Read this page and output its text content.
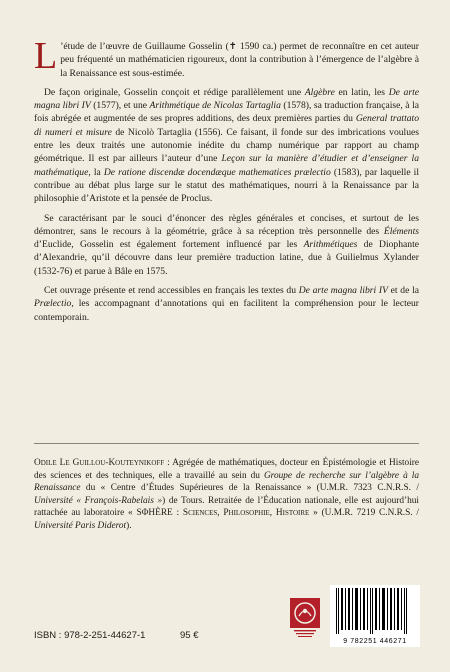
L ’étude de l’œuvre de Guillaume Gosselin (✝ 1590 ca.) permet de reconnaître en cet auteur peu fréquenté un mathématicien rigoureux, dont la contribution à l’émergence de l’algèbre à la Renaissance est sous-estimée.

De façon originale, Gosselin conçoit et rédige parallèlement une Algèbre en latin, les De arte magna libri IV (1577), et une Arithmétique de Nicolas Tartaglia (1578), sa traduction française, à la fois abrégée et augmentée de ses propres additions, des deux premières parties du General trattato di numeri et misure de Nicolò Tartaglia (1556). Ce faisant, il fonde sur des imbrications voulues entre les deux traités une autonomie inédite du champ numérique par rapport au champ géométrique. Il est par ailleurs l’auteur d’une Leçon sur la manière d’étudier et d’enseigner la mathématique, la De ratione discendæ docendæque mathematices prælectio (1583), par laquelle il contribue au débat plus large sur le statut des mathématiques, nourri à la Renaissance par la philosophie d’Aristote et la pensée de Proclus.

Se caractérisant par le souci d’énoncer des règles générales et concises, et surtout de les démontrer, sans le recours à la géométrie, grâce à sa réception très personnelle des Éléments d’Euclide, Gosselin est également fortement influencé par les Arithmétiques de Diophante d’Alexandrie, qu’il découvre dans leur première traduction latine, due à Guilielmus Xylander (1532-76) et parue à Bâle en 1575.

Cet ouvrage présente et rend accessibles en français les textes du De arte magna libri IV et de la Prælectio, les accompagnant d’annotations qui en facilitent la compréhension pour le lecteur contemporain.

Odile Le Guillou-Kouteynikoff : Agrégée de mathématiques, docteur en Épistémologie et Histoire des sciences et des techniques, elle a travaillé au sein du Groupe de recherche sur l’algèbre à la Renaissance du « Centre d’Études Supérieures de la Renaissance » (U.M.R. 7323 C.N.R.S. / Université « François-Rabelais ») de Tours. Retraitée de l’Éducation nationale, elle est aujourd’hui rattachée au laboratoire « SΦHÈRE : Sciences, Philosophie, Histoire » (U.M.R. 7219 C.N.R.S. / Université Paris Diderot).
9 782251 446271
ISBN : 978-2-251-44627-1	95 €
